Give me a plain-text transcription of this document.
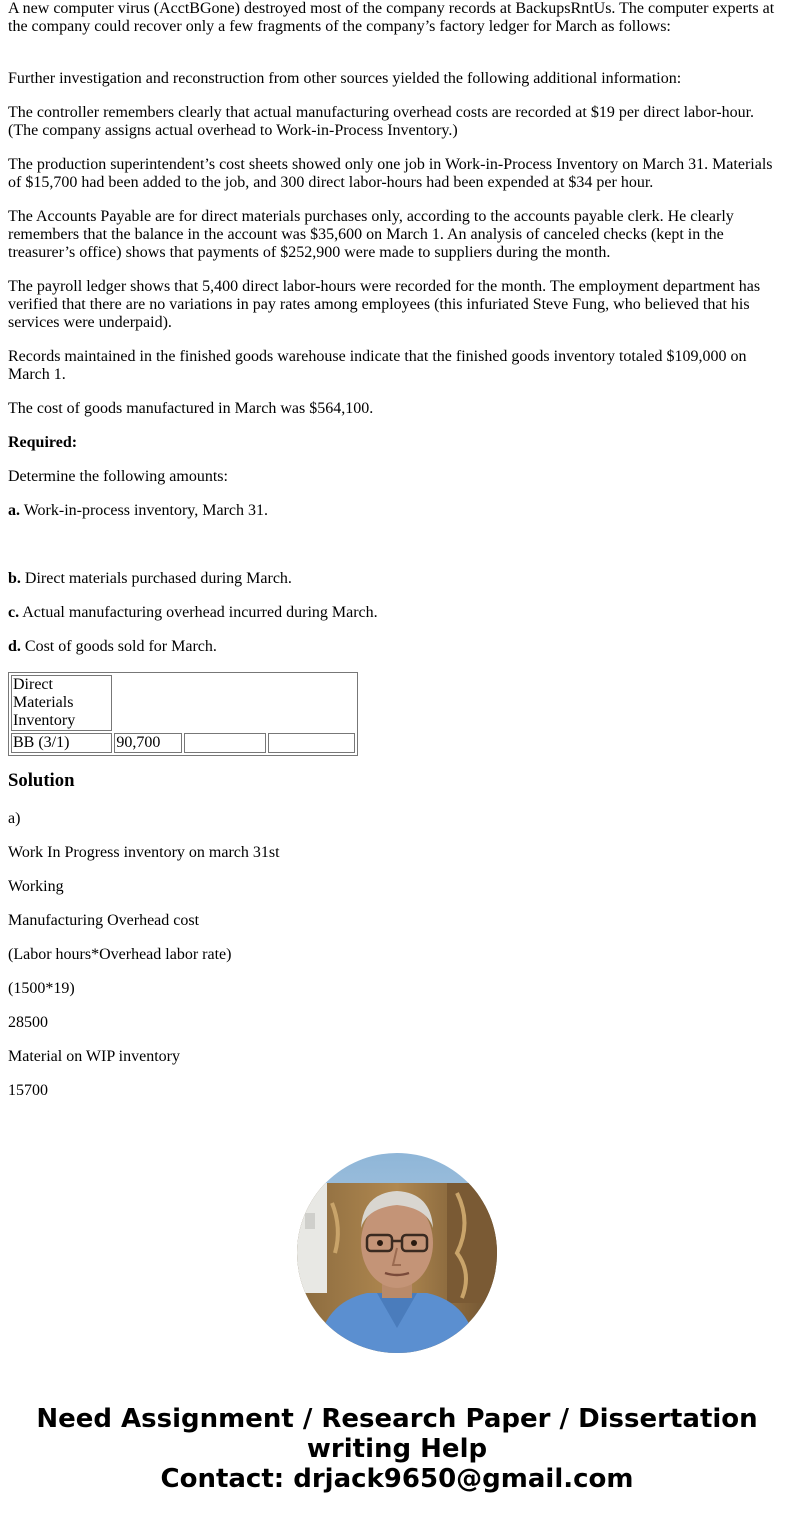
A new computer virus (AcctBGone) destroyed most of the company records at BackupsRntUs. The computer experts at the company could recover only a few fragments of the company’s factory ledger for March as follows:

Further investigation and reconstruction from other sources yielded the following additional information:

The controller remembers clearly that actual manufacturing overhead costs are recorded at $19 per direct labor-hour. (The company assigns actual overhead to Work-in-Process Inventory.)

The production superintendent’s cost sheets showed only one job in Work-in-Process Inventory on March 31. Materials of $15,700 had been added to the job, and 300 direct labor-hours had been expended at $34 per hour.

The Accounts Payable are for direct materials purchases only, according to the accounts payable clerk. He clearly remembers that the balance in the account was $35,600 on March 1. An analysis of canceled checks (kept in the treasurer’s office) shows that payments of $252,900 were made to suppliers during the month.

The payroll ledger shows that 5,400 direct labor-hours were recorded for the month. The employment department has verified that there are no variations in pay rates among employees (this infuriated Steve Fung, who believed that his services were underpaid).

Records maintained in the finished goods warehouse indicate that the finished goods inventory totaled $109,000 on March 1.

The cost of goods manufactured in March was $564,100.

Required:

Determine the following amounts:

a. Work-in-process inventory, March 31.

b. Direct materials purchased during March.

c. Actual manufacturing overhead incurred during March.

d. Cost of goods sold for March.

Direct Materials Inventory			
BB (3/1)	90,700		
Solution

a)

Work In Progress inventory on march 31st

Working

Manufacturing Overhead cost

(Labor hours*Overhead labor rate)

(1500*19)

28500

Material on WIP inventory

15700

Need Assignment / Research Paper / Dissertation
writing Help
Contact: drjack9650@gmail.com
